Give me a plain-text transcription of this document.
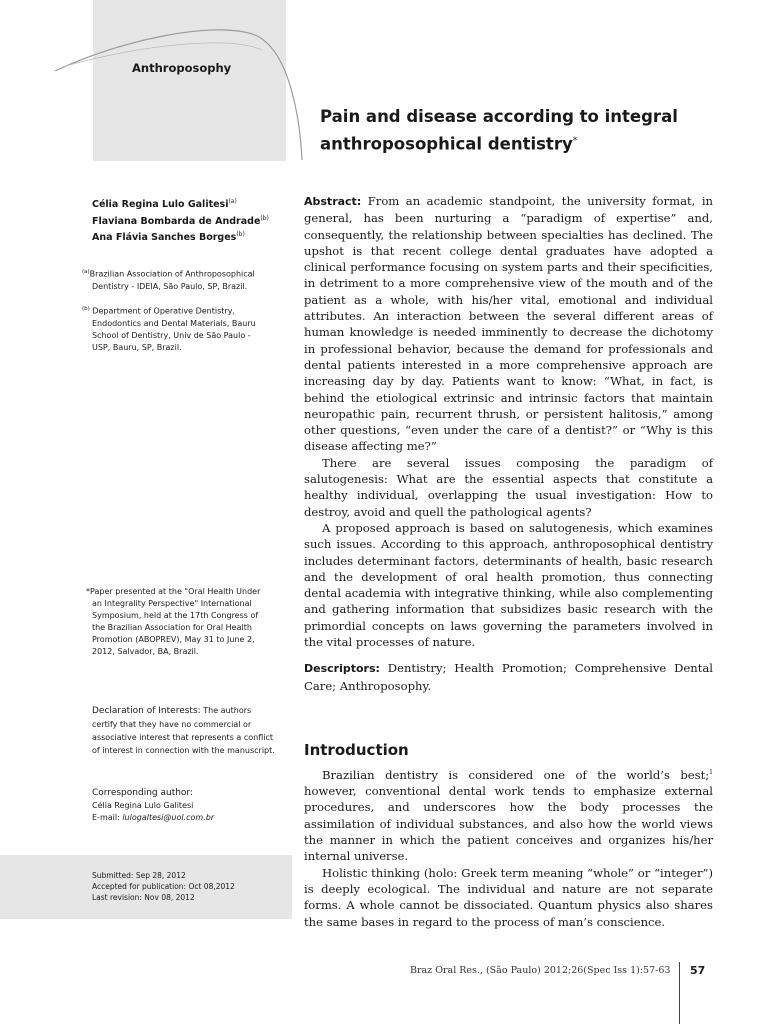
Anthroposophy
Pain and disease according to integral
anthroposophical dentistry*
Célia Regina Lulo Galitesi$^{(a)}$
Flaviana Bombarda de Andrade$^{(b)}$
Ana Flávia Sanches Borges$^{(b)}$
$^{(a)}$Brazilian Association of Anthroposophical
Dentistry - IDEIA, São Paulo, SP, Brazil.
$^{(b)}$ Department of Operative Dentistry,
Endodontics and Dental Materials, Bauru
School of Dentistry, Univ de São Paulo -
USP, Bauru, SP, Brazil.
*Paper presented at the "Oral Health Under
an Integrality Perspective" International
Symposium, held at the 17th Congress of
the Brazilian Association for Oral Health
Promotion (ABOPREV), May 31 to June 2,
2012, Salvador, BA, Brazil.
Declaration of Interests: The authors
certify that they have no commercial or
associative interest that represents a conflict
of interest in connection with the manuscript.
Corresponding author:
Célia Regina Lulo Galitesi
E-mail: lulogaltesi@uol.com.br
Submitted: Sep 28, 2012
Accepted for publication: Oct 08,2012
Last revision: Nov 08, 2012

Abstract: From an academic standpoint, the university format, in general, has been nurturing a “paradigm of expertise” and, consequently, the relationship between specialties has declined. The upshot is that recent college dental graduates have adopted a clinical performance focusing on system parts and their specificities, in detriment to a more comprehensive view of the mouth and of the patient as a whole, with his/her vital, emotional and individual attributes. An interaction between the several different areas of human knowledge is needed imminently to decrease the dichotomy in professional behavior, because the demand for professionals and dental patients interested in a more comprehensive approach are increasing day by day. Patients want to know: “What, in fact, is behind the etiological extrinsic and intrinsic factors that maintain neuropathic pain, recurrent thrush, or persistent halitosis,” among other questions, “even under the care of a dentist?” or “Why is this disease affecting me?”

There are several issues composing the paradigm of salutogenesis: What are the essential aspects that constitute a healthy individual, overlapping the usual investigation: How to destroy, avoid and quell the pathological agents?

A proposed approach is based on salutogenesis, which examines such issues. According to this approach, anthroposophical dentistry includes determinant factors, determinants of health, basic research and the development of oral health promotion, thus connecting dental academia with integrative thinking, while also complementing and gathering information that subsidizes basic research with the primordial concepts on laws governing the parameters involved in the vital processes of nature.

Descriptors: Dentistry; Health Promotion; Comprehensive Dental Care; Anthroposophy.

Introduction

Brazilian dentistry is considered one of the world’s best;$^1$ however, conventional dental work tends to emphasize external procedures, and underscores how the body processes the assimilation of individual substances, and also how the world views the manner in which the patient conceives and organizes his/her internal universe.

Holistic thinking (holo: Greek term meaning “whole” or “integer”) is deeply ecological. The individual and nature are not separate forms. A whole cannot be dissociated. Quantum physics also shares the same bases in regard to the process of man’s conscience.

Braz Oral Res., (São Paulo) 2012;26(Spec Iss 1):57-63 57
